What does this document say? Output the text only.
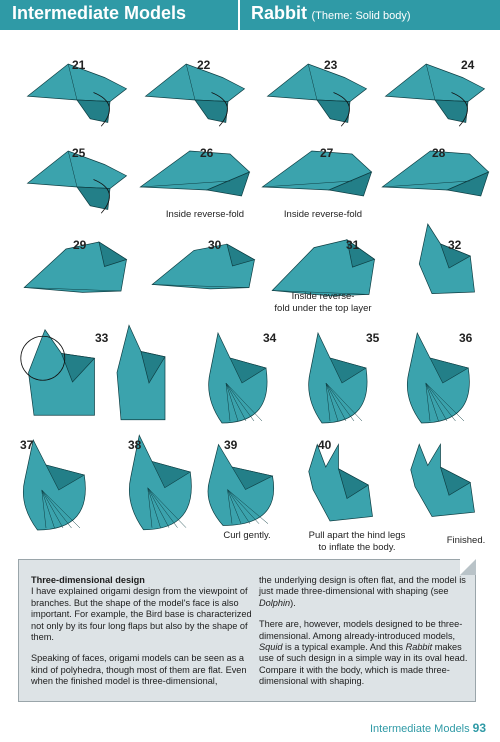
Intermediate Models	Rabbit (Theme: Solid body)
21	22	23	24
25	26
Inside reverse-fold
27
Inside reverse-fold
28
29	30	31
Inside reverse-
fold under the top layer
32
33	34	35	36
37	38	39
Curl gently.
40
Pull apart the hind legs
to inflate the body.
Finished.
Three-dimensional design
I have explained origami design from the viewpoint of branches. But the shape of the model's face is also important. For example, the Bird base is characterized not only by its four long flaps but also by the shape of them.
Speaking of faces, origami models can be seen as a kind of polyhedra, though most of them are flat. Even when the finished model is three-dimensional,
the underlying design is often flat, and the model is just made three-dimensional with shaping (see Dolphin).
There are, however, models designed to be three-dimensional. Among already-introduced models, Squid is a typical example. And this Rabbit makes use of such design in a simple way in its oval head. Compare it with the body, which is made three-dimensional with shaping.
Intermediate Models 93
